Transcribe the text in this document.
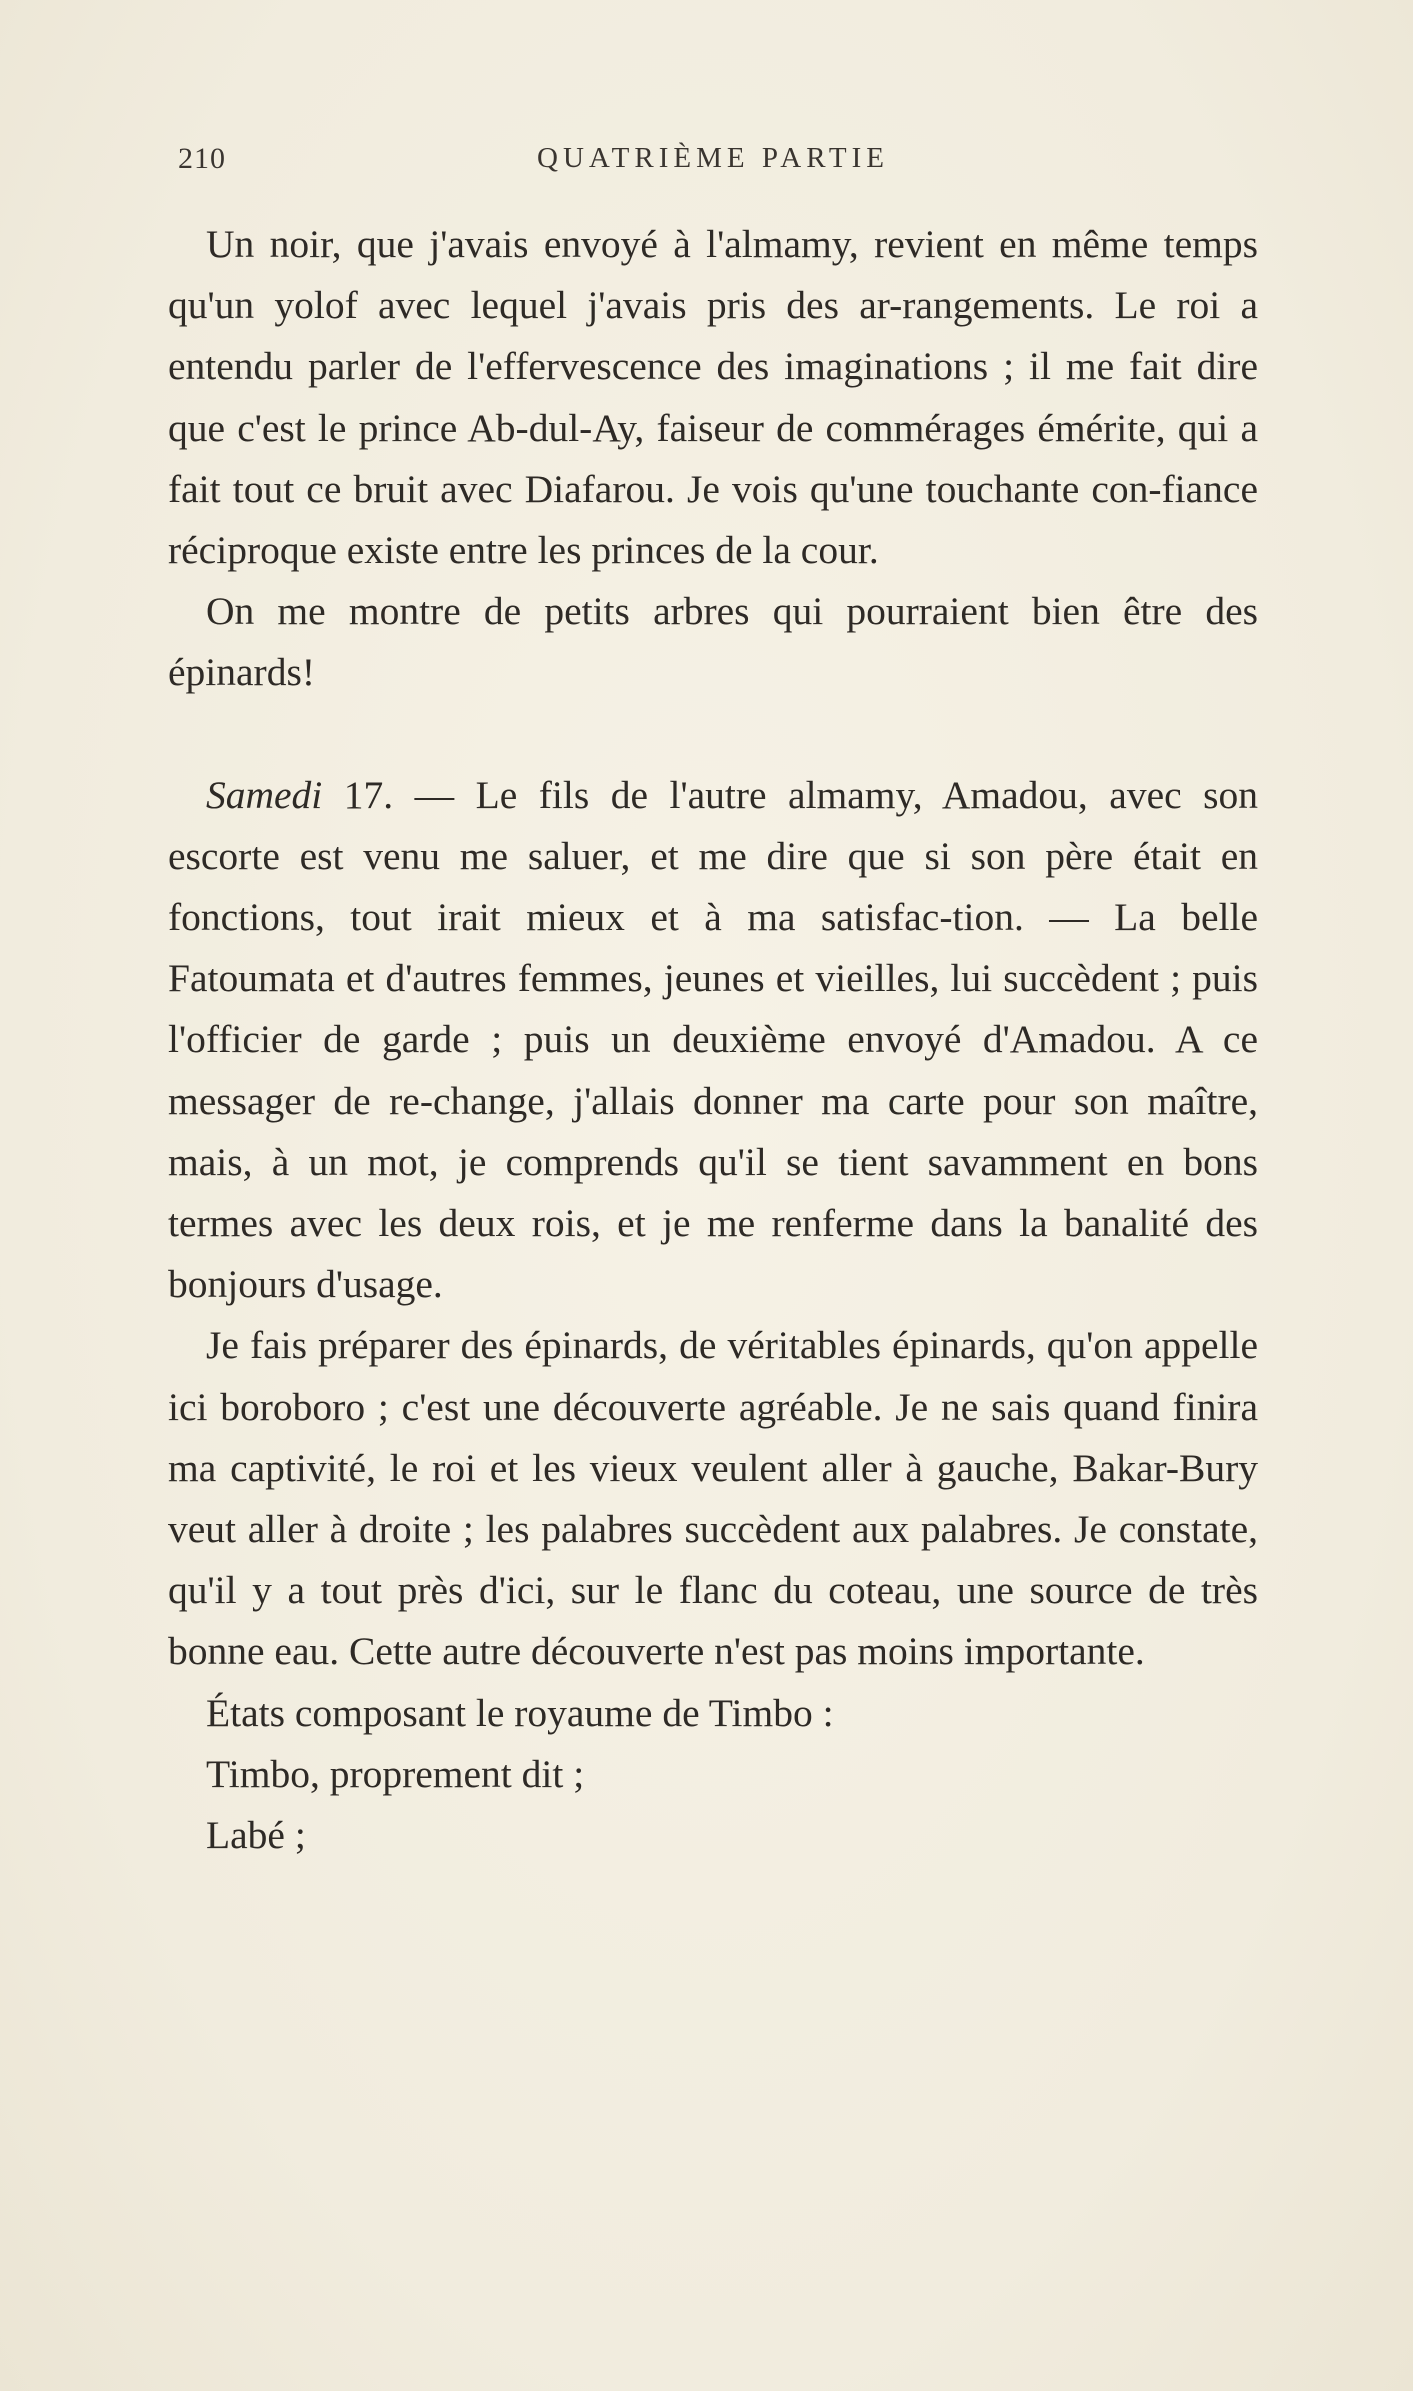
210	QUATRIÈME PARTIE

Un noir, que j'avais envoyé à l'almamy, revient en même temps qu'un yolof avec lequel j'avais pris des ar-rangements. Le roi a entendu parler de l'effervescence des imaginations ; il me fait dire que c'est le prince Ab-dul-Ay, faiseur de commérages émérite, qui a fait tout ce bruit avec Diafarou. Je vois qu'une touchante con-fiance réciproque existe entre les princes de la cour.

On me montre de petits arbres qui pourraient bien être des épinards!

Samedi 17. — Le fils de l'autre almamy, Amadou, avec son escorte est venu me saluer, et me dire que si son père était en fonctions, tout irait mieux et à ma satisfac-tion. — La belle Fatoumata et d'autres femmes, jeunes et vieilles, lui succèdent ; puis l'officier de garde ; puis un deuxième envoyé d'Amadou. A ce messager de re-change, j'allais donner ma carte pour son maître, mais, à un mot, je comprends qu'il se tient savamment en bons termes avec les deux rois, et je me renferme dans la banalité des bonjours d'usage.

Je fais préparer des épinards, de véritables épinards, qu'on appelle ici boroboro ; c'est une découverte agréable. Je ne sais quand finira ma captivité, le roi et les vieux veulent aller à gauche, Bakar-Bury veut aller à droite ; les palabres succèdent aux palabres. Je constate, qu'il y a tout près d'ici, sur le flanc du coteau, une source de très bonne eau. Cette autre découverte n'est pas moins importante.

États composant le royaume de Timbo :

Timbo, proprement dit ;

Labé ;
